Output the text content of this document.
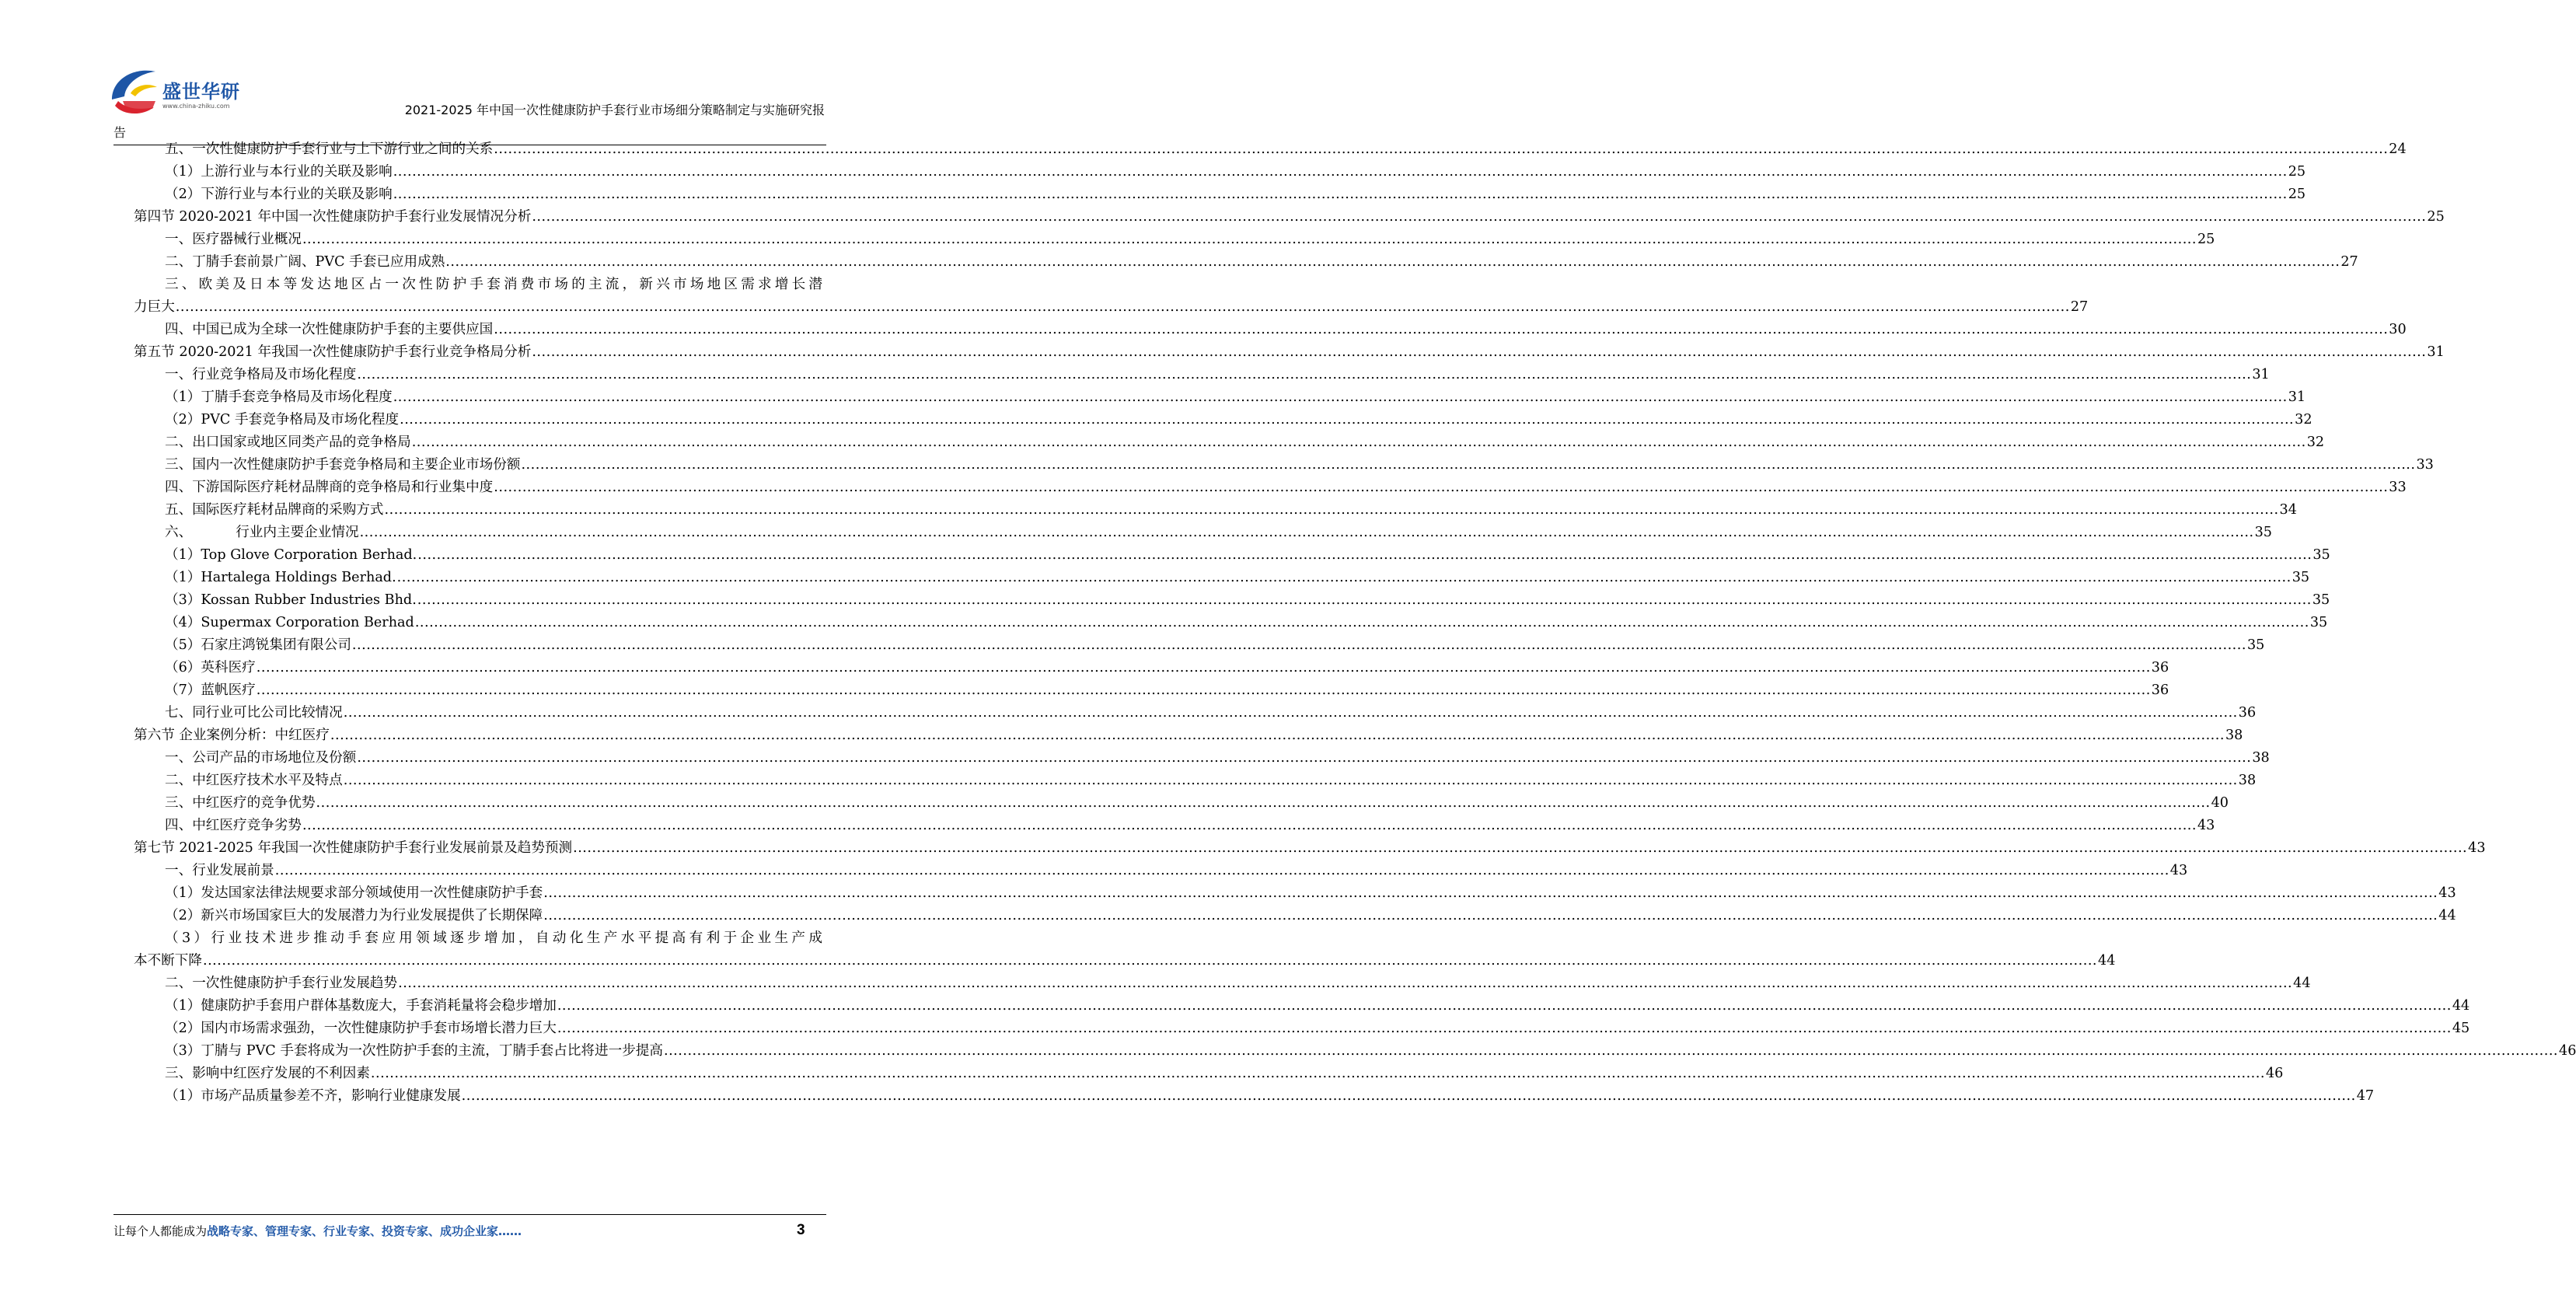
盛世华研
www.china-zhiku.com	2021-2025 年中国一次性健康防护手套行业市场细分策略制定与实施研究报
告
五、一次性健康防护手套行业与上下游行业之间的关系 ................................................................................................................................................................................................................................................................................................................................................................................................................ 24
（1）上游行业与本行业的关联及影响 ................................................................................................................................................................................................................................................................................................................................................................................................................ 25
（2）下游行业与本行业的关联及影响 ................................................................................................................................................................................................................................................................................................................................................................................................................ 25
第四节 2020-2021 年中国一次性健康防护手套行业发展情况分析 ................................................................................................................................................................................................................................................................................................................................................................................................................ 25
一、医疗器械行业概况 ................................................................................................................................................................................................................................................................................................................................................................................................................ 25
二、丁腈手套前景广阔、PVC 手套已应用成熟 ................................................................................................................................................................................................................................................................................................................................................................................................................ 27
三、欧美及日本等发达地区占一次性防护手套消费市场的主流，新兴市场地区需求增长潜
力巨大 ................................................................................................................................................................................................................................................................................................................................................................................................................ 27
四、中国已成为全球一次性健康防护手套的主要供应国 ................................................................................................................................................................................................................................................................................................................................................................................................................ 30
第五节 2020-2021 年我国一次性健康防护手套行业竞争格局分析 ................................................................................................................................................................................................................................................................................................................................................................................................................ 31
一、行业竞争格局及市场化程度 ................................................................................................................................................................................................................................................................................................................................................................................................................ 31
（1）丁腈手套竞争格局及市场化程度 ................................................................................................................................................................................................................................................................................................................................................................................................................ 31
（2）PVC 手套竞争格局及市场化程度 ................................................................................................................................................................................................................................................................................................................................................................................................................ 32
二、出口国家或地区同类产品的竞争格局 ................................................................................................................................................................................................................................................................................................................................................................................................................ 32
三、国内一次性健康防护手套竞争格局和主要企业市场份额 ................................................................................................................................................................................................................................................................................................................................................................................................................ 33
四、下游国际医疗耗材品牌商的竞争格局和行业集中度 ................................................................................................................................................................................................................................................................................................................................................................................................................ 33
五、国际医疗耗材品牌商的采购方式 ................................................................................................................................................................................................................................................................................................................................................................................................................ 34
六、	行业内主要企业情况 ................................................................................................................................................................................................................................................................................................................................................................................................................ 35
（1）Top Glove Corporation Berhad. ................................................................................................................................................................................................................................................................................................................................................................................................................ 35
（1）Hartalega Holdings Berhad. ................................................................................................................................................................................................................................................................................................................................................................................................................ 35
（3）Kossan Rubber Industries Bhd. ................................................................................................................................................................................................................................................................................................................................................................................................................ 35
（4）Supermax Corporation Berhad ................................................................................................................................................................................................................................................................................................................................................................................................................ 35
（5）石家庄鸿锐集团有限公司 ................................................................................................................................................................................................................................................................................................................................................................................................................ 35
（6）英科医疗 ................................................................................................................................................................................................................................................................................................................................................................................................................ 36
（7）蓝帆医疗 ................................................................................................................................................................................................................................................................................................................................................................................................................ 36
七、同行业可比公司比较情况 ................................................................................................................................................................................................................................................................................................................................................................................................................ 36
第六节 企业案例分析：中红医疗 ................................................................................................................................................................................................................................................................................................................................................................................................................ 38
一、公司产品的市场地位及份额 ................................................................................................................................................................................................................................................................................................................................................................................................................ 38
二、中红医疗技术水平及特点 ................................................................................................................................................................................................................................................................................................................................................................................................................ 38
三、中红医疗的竞争优势 ................................................................................................................................................................................................................................................................................................................................................................................................................ 40
四、中红医疗竞争劣势 ................................................................................................................................................................................................................................................................................................................................................................................................................ 43
第七节 2021-2025 年我国一次性健康防护手套行业发展前景及趋势预测 ................................................................................................................................................................................................................................................................................................................................................................................................................ 43
一、行业发展前景 ................................................................................................................................................................................................................................................................................................................................................................................................................ 43
（1）发达国家法律法规要求部分领域使用一次性健康防护手套 ................................................................................................................................................................................................................................................................................................................................................................................................................ 43
（2）新兴市场国家巨大的发展潜力为行业发展提供了长期保障 ................................................................................................................................................................................................................................................................................................................................................................................................................ 44
（3）行业技术进步推动手套应用领域逐步增加，自动化生产水平提高有利于企业生产成
本不断下降 ................................................................................................................................................................................................................................................................................................................................................................................................................ 44
二、一次性健康防护手套行业发展趋势 ................................................................................................................................................................................................................................................................................................................................................................................................................ 44
（1）健康防护手套用户群体基数庞大，手套消耗量将会稳步增加 ................................................................................................................................................................................................................................................................................................................................................................................................................ 44
（2）国内市场需求强劲，一次性健康防护手套市场增长潜力巨大 ................................................................................................................................................................................................................................................................................................................................................................................................................ 45
（3）丁腈与 PVC 手套将成为一次性防护手套的主流，丁腈手套占比将进一步提高 ................................................................................................................................................................................................................................................................................................................................................................................................................ 46
三、影响中红医疗发展的不利因素 ................................................................................................................................................................................................................................................................................................................................................................................................................ 46
（1）市场产品质量参差不齐，影响行业健康发展 ................................................................................................................................................................................................................................................................................................................................................................................................................ 47
让每个人都能成为战略专家、管理专家、行业专家、投资专家、成功企业家……	3
